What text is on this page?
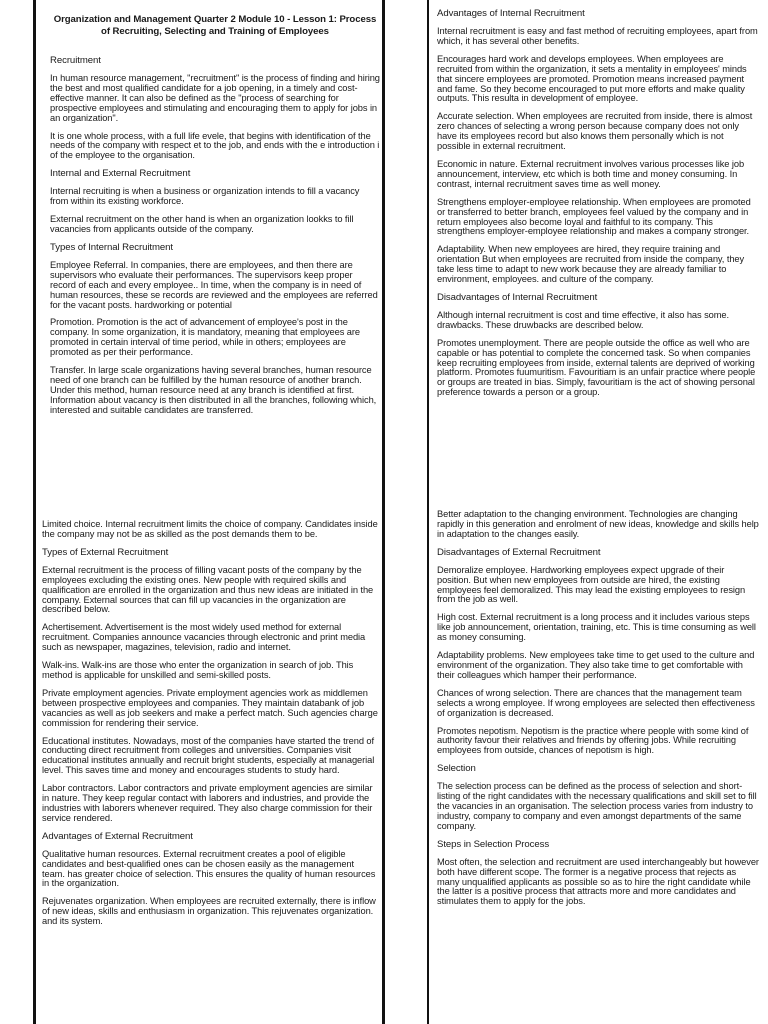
Organization and Management Quarter 2 Module 10 - Lesson 1: Process of Recruiting, Selecting and Training of Employees
Recruitment

In human resource management, "recruitment" is the process of finding and hiring the best and most qualified candidate for a job opening, in a timely and cost- effective manner. It can also be defined as the "process of searching for prospective employees and stimulating and encouraging them to apply for jobs in an organization".

It is one whole process, with a full life evele, that begins with identification of the needs of the company with respect et to the job, and ends with the e introduction i of the employee to the organisation.

Internal and External Recruitment

Internal recruiting is when a business or organization intends to fill a vacancy from within its existing workforce.

External recruitment on the other hand is when an organization lookks to fill vacancies from applicants outside of the company.

Types of Internal Recruitment

Employee Referral. In companies, there are employees, and then there are supervisors who evaluate their performances. The supervisors keep proper record of each and every employee.. In time, when the company is in need of human resources, these se records are reviewed and the employees are referred for the vacant posts. hardworking or potential

Promotion. Promotion is the act of advancement of employee's post in the company. In some organization, it is mandatory, meaning that employees are promoted in certain interval of time period, while in others; employees are promoted as per their performance.

Transfer. In large scale organizations having several branches, human resource need of one branch can be fulfilled by the human resource of another branch. Under this method, human resource need at any branch is identified at first. Information about vacancy is then distributed in all the branches, following which, interested and suitable candidates are transferred.

Limited choice. Internal recruitment limits the choice of company. Candidates inside the company may not be as skilled as the post demands them to be.

Types of External Recruitment

External recruitment is the process of filling vacant posts of the company by the employees excluding the existing ones. New people with required skills and qualification are enrolled in the organization and thus new ideas are initiated in the company. External sources that can fill up vacancies in the organization are described below.

Achertisement. Advertisement is the most widely used method for external recruitment. Companies announce vacancies through electronic and print media such as newspaper, magazines, television, radio and internet.

Walk-ins. Walk-ins are those who enter the organization in search of job. This method is applicable for unskilled and semi-skilled posts.

Private employment agencies. Private employment agencies work as middlemen between prospective employees and companies. They maintain databank of job vacancies as well as job seekers and make a perfect match. Such agencies charge commission for rendering their service.

Educational institutes. Nowadays, most of the companies have started the trend of conducting direct recruitment from colleges and universities. Companies visit educational institutes annually and recruit bright students, especially at managerial level. This saves time and money and encourages students to study hard.

Labor contractors. Labor contractors and private employment agencies are similar in nature. They keep regular contact with laborers and industries, and provide the industries with laborers whenever required. They also charge commission for their service rendered.

Advantages of External Recruitment

Qualitative human resources. External recruitment creates a pool of eligible candidates and best-qualified ones can be chosen easily as the management team. has greater choice of selection. This ensures the quality of human resources in the organization.

Rejuvenates organization. When employees are recruited externally, there is inflow of new ideas, skills and enthusiasm in organization. This rejuvenates organization. and its system.

Advantages of Internal Recruitment

Internal recruitment is easy and fast method of recruiting employees, apart from which, it has several other benefits.

Encourages hard work and develops employees. When employees are recruited from within the organization, it sets a mentality in employees' minds that sincere employees are promoted. Promotion means increased payment and fame. So they become encouraged to put more efforts and make quality outputs. This resulta in development of employee.

Accurate selection. When employees are recruited from inside, there is almost zero chances of selecting a wrong person because company does not only have its employees record but also knows them personally which is not possible in external recruitment.

Economic in nature. External recruitment involves various processes like job announcement, interview, etc which is both time and money consuming. In contrast, internal recruitment saves time as well money.

Strengthens employer-employee relationship. When employees are promoted or transferred to better branch, employees feel valued by the company and in return employees also become loyal and faithful to its company. This strengthens employer-employee relationship and makes a company stronger.

Adaptability. When new employees are hired, they require training and orientation But when employees are recruited from inside the company, they take less time to adapt to new work because they are already familiar to environment, employees. and culture of the company.

Disadvantages of Internal Recruitment

Although internal recruitment is cost and time effective, it also has some. drawbacks. These druwbacks are described below.

Promotes unemployment. There are people outside the office as well who are capable or has potential to complete the concerned task. So when companies keep recruiting employees from inside, external talents are deprived of working platform. Promotes fuumuritism. Favouritiam is an unfair practice where people or groups are treated in bias. Simply, favouritiam is the act of showing personal preference towards a person or a group.

Better adaptation to the changing environment. Technologies are changing rapidly in this generation and enrolment of new ideas, knowledge and skills help in adaptation to the changes easily.

Disadvantages of External Recruitment

Demoralize employee. Hardworking employees expect upgrade of their position. But when new employees from outside are hired, the existing employees feel demoralized. This may lead the existing employees to resign from the job as well.

High cost. External recruitment is a long process and it includes various steps like job announcement, orientation, training, etc. This is time consuming as well as money consuming.

Adaptability problems. New employees take time to get used to the culture and environment of the organization. They also take time to get comfortable with their colleagues which hamper their performance.

Chances of wrong selection. There are chances that the management team selects a wrong employee. If wrong employees are selected then effectiveness of organization is decreased.

Promotes nepotism. Nepotism is the practice where people with some kind of authority favour their relatives and friends by offering jobs. While recruiting employees from outside, chances of nepotism is high.

Selection

The selection process can be defined as the process of selection and short- listing of the right candidates with the necessary qualifications and skill set to fill the vacancies in an organisation. The selection process varies from industry to industry, company to company and even amongst departments of the same company.

Steps in Selection Process

Most often, the selection and recruitment are used interchangeably but however both have different scope. The former is a negative process that rejects as many unqualified applicants as possible so as to hire the right candidate while the latter is a positive process that attracts more and more candidates and stimulates them to apply for the jobs.
